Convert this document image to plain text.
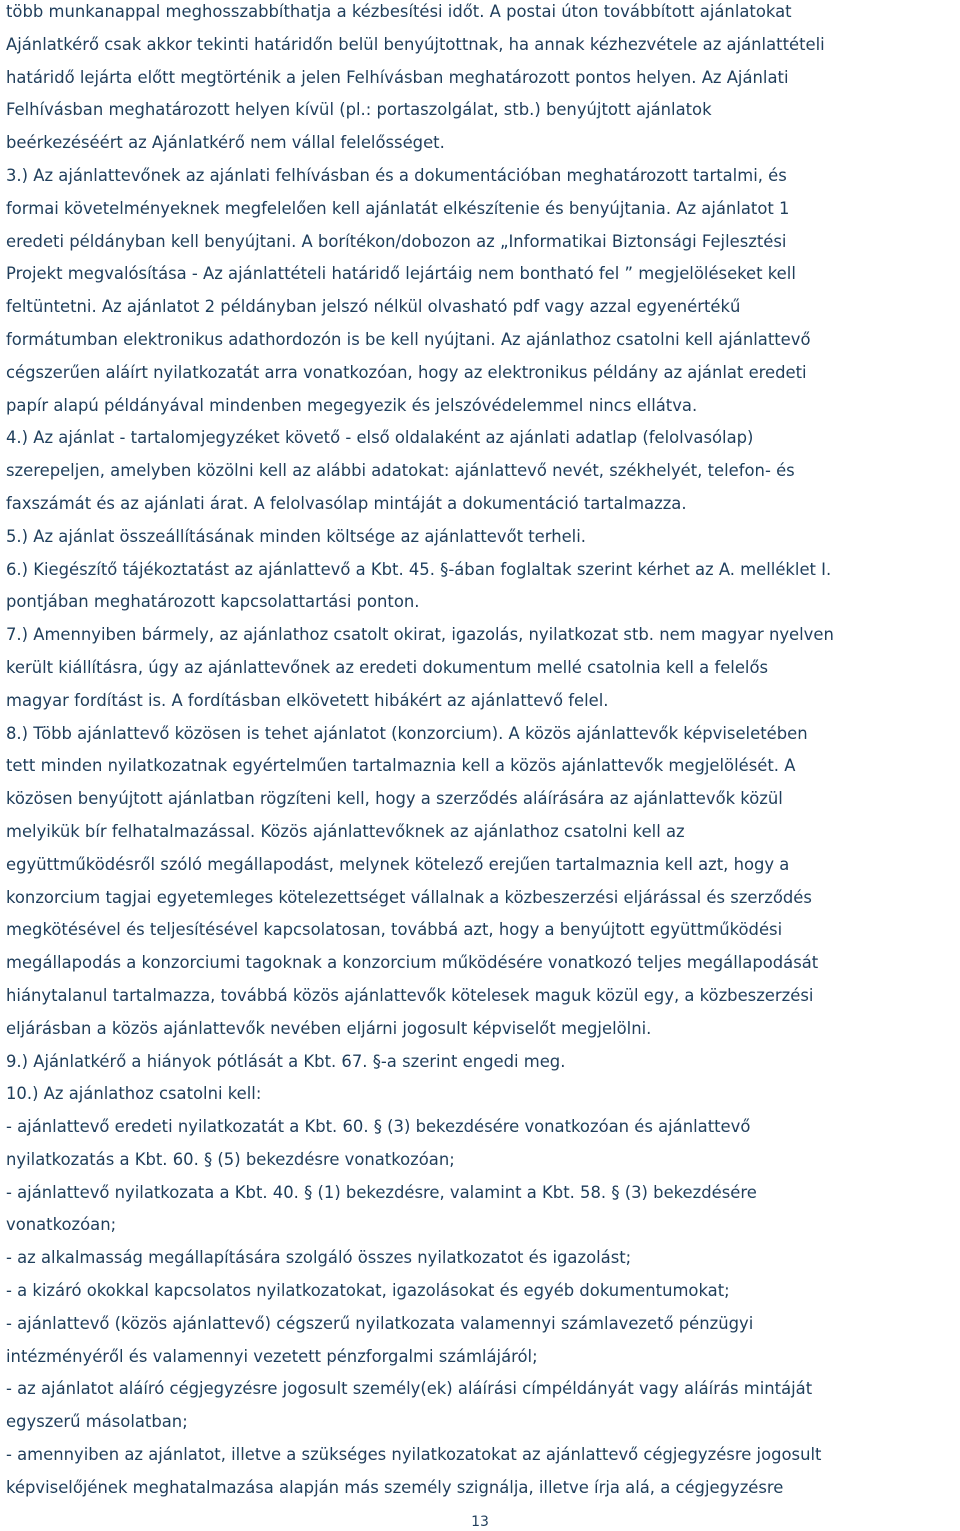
több munkanappal meghosszabbíthatja a kézbesítési időt. A postai úton továbbított ajánlatokat
Ajánlatkérő csak akkor tekinti határidőn belül benyújtottnak, ha annak kézhezvétele az ajánlattételi
határidő lejárta előtt megtörténik a jelen Felhívásban meghatározott pontos helyen. Az Ajánlati
Felhívásban meghatározott helyen kívül (pl.: portaszolgálat, stb.) benyújtott ajánlatok
beérkezéséért az Ajánlatkérő nem vállal felelősséget.
3.) Az ajánlattevőnek az ajánlati felhívásban és a dokumentációban meghatározott tartalmi, és
formai követelményeknek megfelelően kell ajánlatát elkészítenie és benyújtania. Az ajánlatot 1
eredeti példányban kell benyújtani. A borítékon/dobozon az „Informatikai Biztonsági Fejlesztési
Projekt megvalósítása - Az ajánlattételi határidő lejártáig nem bontható fel ” megjelöléseket kell
feltüntetni. Az ajánlatot 2 példányban jelszó nélkül olvasható pdf vagy azzal egyenértékű
formátumban elektronikus adathordozón is be kell nyújtani. Az ajánlathoz csatolni kell ajánlattevő
cégszerűen aláírt nyilatkozatát arra vonatkozóan, hogy az elektronikus példány az ajánlat eredeti
papír alapú példányával mindenben megegyezik és jelszóvédelemmel nincs ellátva.
4.) Az ajánlat - tartalomjegyzéket követő - első oldalaként az ajánlati adatlap (felolvasólap)
szerepeljen, amelyben közölni kell az alábbi adatokat: ajánlattevő nevét, székhelyét, telefon- és
faxszámát és az ajánlati árat. A felolvasólap mintáját a dokumentáció tartalmazza.
5.) Az ajánlat összeállításának minden költsége az ajánlattevőt terheli.
6.) Kiegészítő tájékoztatást az ajánlattevő a Kbt. 45. §-ában foglaltak szerint kérhet az A. melléklet I.
pontjában meghatározott kapcsolattartási ponton.
7.) Amennyiben bármely, az ajánlathoz csatolt okirat, igazolás, nyilatkozat stb. nem magyar nyelven
került kiállításra, úgy az ajánlattevőnek az eredeti dokumentum mellé csatolnia kell a felelős
magyar fordítást is. A fordításban elkövetett hibákért az ajánlattevő felel.
8.) Több ajánlattevő közösen is tehet ajánlatot (konzorcium). A közös ajánlattevők képviseletében
tett minden nyilatkozatnak egyértelműen tartalmaznia kell a közös ajánlattevők megjelölését. A
közösen benyújtott ajánlatban rögzíteni kell, hogy a szerződés aláírására az ajánlattevők közül
melyikük bír felhatalmazással. Közös ajánlattevőknek az ajánlathoz csatolni kell az
együttműködésről szóló megállapodást, melynek kötelező erejűen tartalmaznia kell azt, hogy a
konzorcium tagjai egyetemleges kötelezettséget vállalnak a közbeszerzési eljárással és szerződés
megkötésével és teljesítésével kapcsolatosan, továbbá azt, hogy a benyújtott együttműködési
megállapodás a konzorciumi tagoknak a konzorcium működésére vonatkozó teljes megállapodását
hiánytalanul tartalmazza, továbbá közös ajánlattevők kötelesek maguk közül egy, a közbeszerzési
eljárásban a közös ajánlattevők nevében eljárni jogosult képviselőt megjelölni.
9.) Ajánlatkérő a hiányok pótlását a Kbt. 67. §-a szerint engedi meg.
10.) Az ajánlathoz csatolni kell:
- ajánlattevő eredeti nyilatkozatát a Kbt. 60. § (3) bekezdésére vonatkozóan és ajánlattevő
nyilatkozatás a Kbt. 60. § (5) bekezdésre vonatkozóan;
- ajánlattevő nyilatkozata a Kbt. 40. § (1) bekezdésre, valamint a Kbt. 58. § (3) bekezdésére
vonatkozóan;
- az alkalmasság megállapítására szolgáló összes nyilatkozatot és igazolást;
- a kizáró okokkal kapcsolatos nyilatkozatokat, igazolásokat és egyéb dokumentumokat;
- ajánlattevő (közös ajánlattevő) cégszerű nyilatkozata valamennyi számlavezető pénzügyi
intézményéről és valamennyi vezetett pénzforgalmi számlájáról;
- az ajánlatot aláíró cégjegyzésre jogosult személy(ek) aláírási címpéldányát vagy aláírás mintáját
egyszerű másolatban;
- amennyiben az ajánlatot, illetve a szükséges nyilatkozatokat az ajánlattevő cégjegyzésre jogosult
képviselőjének meghatalmazása alapján más személy szignálja, illetve írja alá, a cégjegyzésre
13
